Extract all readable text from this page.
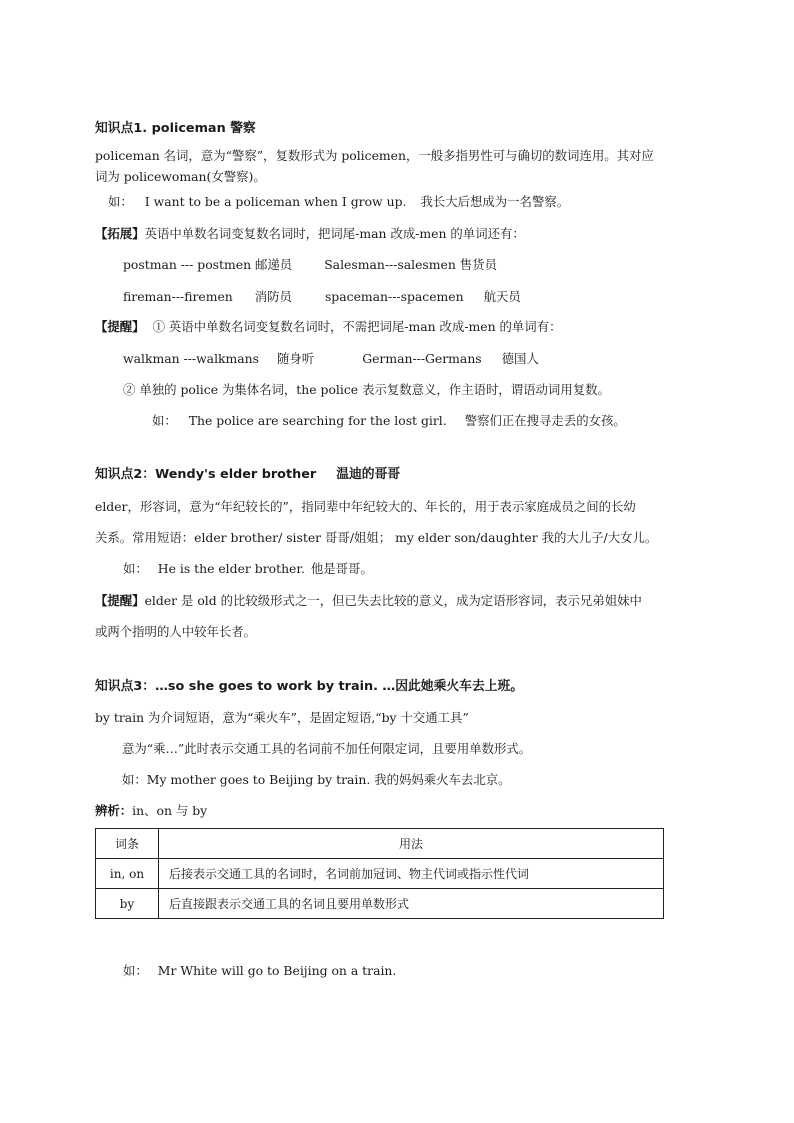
知识点1. policeman 警察
policeman 名词，意为“警察”，复数形式为 policemen，一般多指男性可与确切的数词连用。其对应
词为 policewoman(女警察)。
如： I want to be a policeman when I grow up. 我长大后想成为一名警察。
【拓展】英语中单数名词变复数名词时，把词尾-man 改成-men 的单词还有：
postman --- postmen 邮递员	Salesman---salesmen 售货员
fireman---firemen 消防员	spaceman---spacemen 航天员
【提醒】 ① 英语中单数名词变复数名词时，不需把词尾-man 改成-men 的单词有：
walkman ---walkmans 随身听	German---Germans 德国人
② 单独的 police 为集体名词，the police 表示复数意义，作主语时，谓语动词用复数。
如： The police are searching for the lost girl. 警察们正在搜寻走丢的女孩。
知识点2：Wendy's elder brother 温迪的哥哥
elder，形容词，意为“年纪较长的”，指同辈中年纪较大的、年长的，用于表示家庭成员之间的长幼
关系。常用短语：elder brother/ sister 哥哥/姐姐； my elder son/daughter 我的大儿子/大女儿。
如： He is the elder brother. 他是哥哥。
【提醒】elder 是 old 的比较级形式之一，但已失去比较的意义，成为定语形容词，表示兄弟姐妹中
或两个指明的人中较年长者。
知识点3：…so she goes to work by train. …因此她乘火车去上班。
by train 为介词短语，意为“乘火车”，是固定短语,“by 十交通工具”
意为“乘…”此时表示交通工具的名词前不加任何限定词，且要用单数形式。
如：My mother goes to Beijing by train. 我的妈妈乘火车去北京。
辨析：in、on 与 by
词条	用法
in, on	后接表示交通工具的名词时，名词前加冠词、物主代词或指示性代词
by	后直接跟表示交通工具的名词且要用单数形式
如： Mr White will go to Beijing on a train.
